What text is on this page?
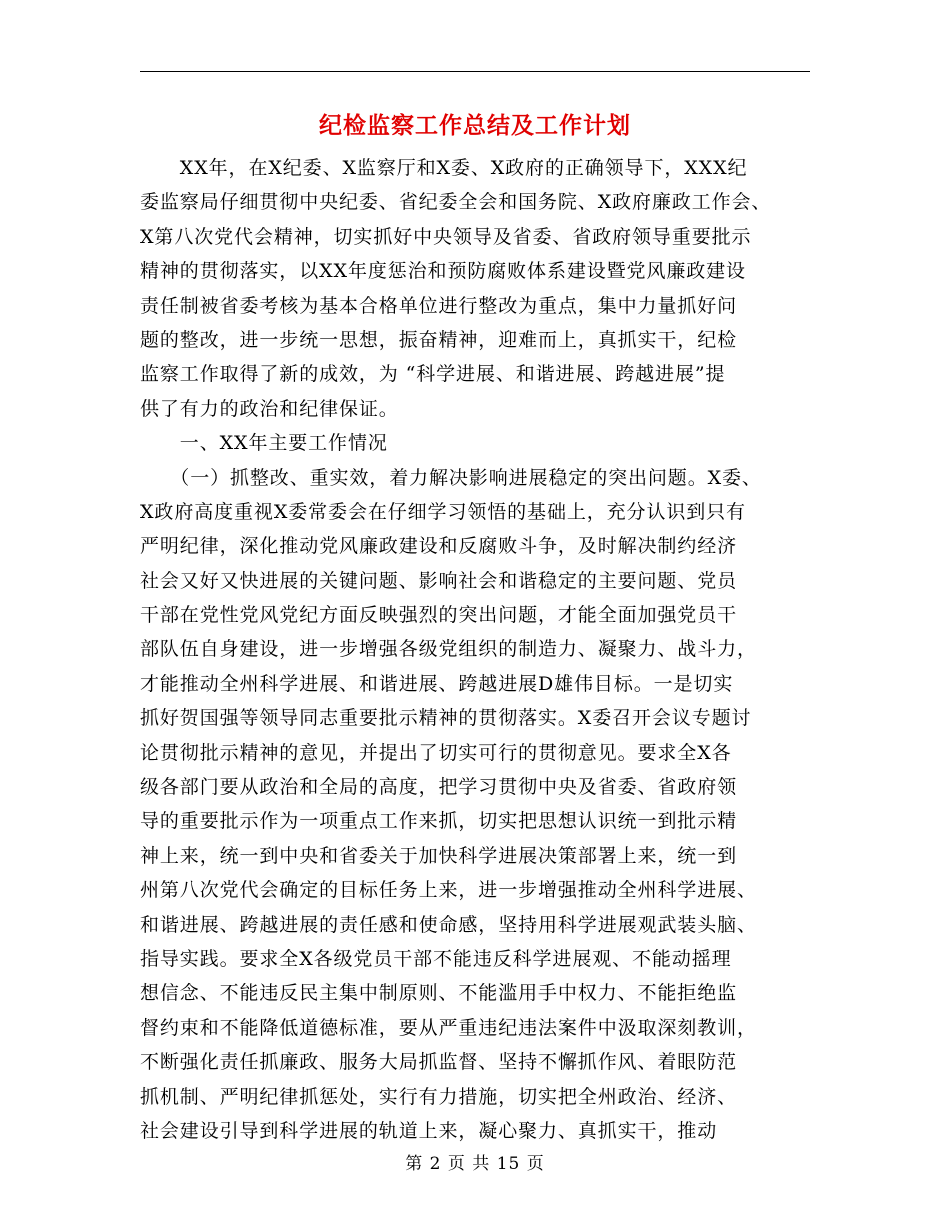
纪检监察工作总结及工作计划
　　XX年，在X纪委、X监察厅和X委、X政府的正确领导下，XXX纪
委监察局仔细贯彻中央纪委、省纪委全会和国务院、X政府廉政工作会、
X第八次党代会精神，切实抓好中央领导及省委、省政府领导重要批示
精神的贯彻落实，以XX年度惩治和预防腐败体系建设暨党风廉政建设
责任制被省委考核为基本合格单位进行整改为重点，集中力量抓好问
题的整改，进一步统一思想，振奋精神，迎难而上，真抓实干，纪检
监察工作取得了新的成效，为 “科学进展、和谐进展、跨越进展”提
供了有力的政治和纪律保证。
　　一、XX年主要工作情况
　　（一）抓整改、重实效，着力解决影响进展稳定的突出问题。X委、
X政府高度重视X委常委会在仔细学习领悟的基础上，充分认识到只有
严明纪律，深化推动党风廉政建设和反腐败斗争，及时解决制约经济
社会又好又快进展的关键问题、影响社会和谐稳定的主要问题、党员
干部在党性党风党纪方面反映强烈的突出问题，才能全面加强党员干
部队伍自身建设，进一步增强各级党组织的制造力、凝聚力、战斗力，
才能推动全州科学进展、和谐进展、跨越进展D雄伟目标。一是切实
抓好贺国强等领导同志重要批示精神的贯彻落实。X委召开会议专题讨
论贯彻批示精神的意见，并提出了切实可行的贯彻意见。要求全X各
级各部门要从政治和全局的高度，把学习贯彻中央及省委、省政府领
导的重要批示作为一项重点工作来抓，切实把思想认识统一到批示精
神上来，统一到中央和省委关于加快科学进展决策部署上来，统一到
州第八次党代会确定的目标任务上来，进一步增强推动全州科学进展、
和谐进展、跨越进展的责任感和使命感，坚持用科学进展观武装头脑、
指导实践。要求全X各级党员干部不能违反科学进展观、不能动摇理
想信念、不能违反民主集中制原则、不能滥用手中权力、不能拒绝监
督约束和不能降低道德标准，要从严重违纪违法案件中汲取深刻教训，
不断强化责任抓廉政、服务大局抓监督、坚持不懈抓作风、着眼防范
抓机制、严明纪律抓惩处，实行有力措施，切实把全州政治、经济、
社会建设引导到科学进展的轨道上来，凝心聚力、真抓实干，推动
第 2 页 共 15 页
